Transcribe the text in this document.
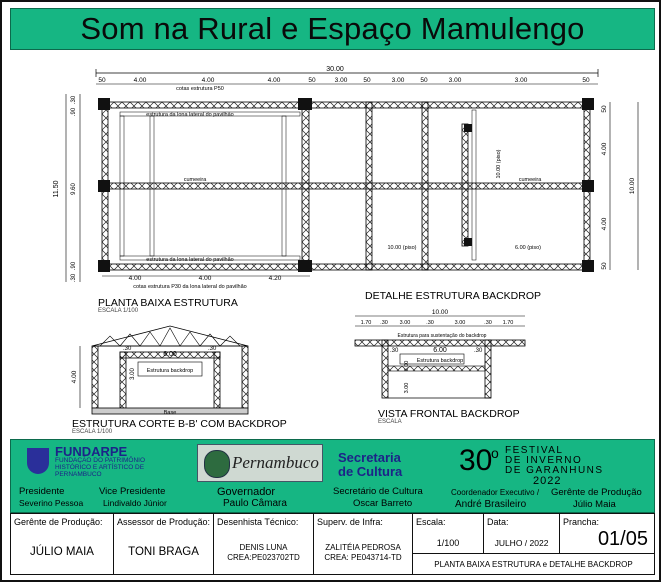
Som na Rural e Espaço Mamulengo
30.00
50	4.00	4.00	4.00	50	3.00 50	3.00 50	3.00	3.00	50
11.50
.30
.90
9.60
.90
.30
cotas estrutura P50
estrutura da lona lateral do pavilhão
estrutura da lona lateral do pavilhão
cotas estrutura P30 da lona lateral do pavilhão
cumeeira	cumeeira
10.00 (piso)	6.00 (piso)
10.00 (piso)
4.00	4.00	4.20
50
4.00
10.00
4.00
50
4.00
.30
6.00
.30
3.00 Estrutura backdrop
Base
10.00
1.70 .30 3.00	.30	3.00	.30 1.70
Estrutura para sustentação do backdrop
.30	6.00	.30
3.00
3.00
Estrutura backdrop
PLANTA BAIXA ESTRUTURA
ESCALA 1/100
DETALHE ESTRUTURA BACKDROP
ESTRUTURA CORTE B-B' COM BACKDROP
ESCALA 1/100
VISTA FRONTAL BACKDROP
ESCALA
FUNDARPE
FUNDAÇÃO DO PATRIMÔNIO
HISTÓRICO E ARTÍSTICO DE
PERNAMBUCO
Presidente
Severino Pessoa
Vice Presidente
Lindivaldo Júnior
Pernambuco
Governador
Paulo Câmara
Secretaria
de Cultura
Secretário de Cultura
Oscar Barreto
30
o FESTIVAL
DE INVERNO
DE GARANHUNS
2022
Coordenador Executivo /
André Brasileiro
Gerênte de Produção
Júlio Maia
Gerênte de Produção:
JÚLIO MAIA
Assessor de Produção:
TONI BRAGA
Desenhista Técnico:
DENIS LUNA
CREA:PE023702TD
Superv. de Infra:
ZALITÉIA PEDROSA
CREA: PE043714-TD
Escala:
1/100
Data:
JULHO / 2022
Prancha:
01/05
PLANTA BAIXA ESTRUTURA e DETALHE BACKDROP
